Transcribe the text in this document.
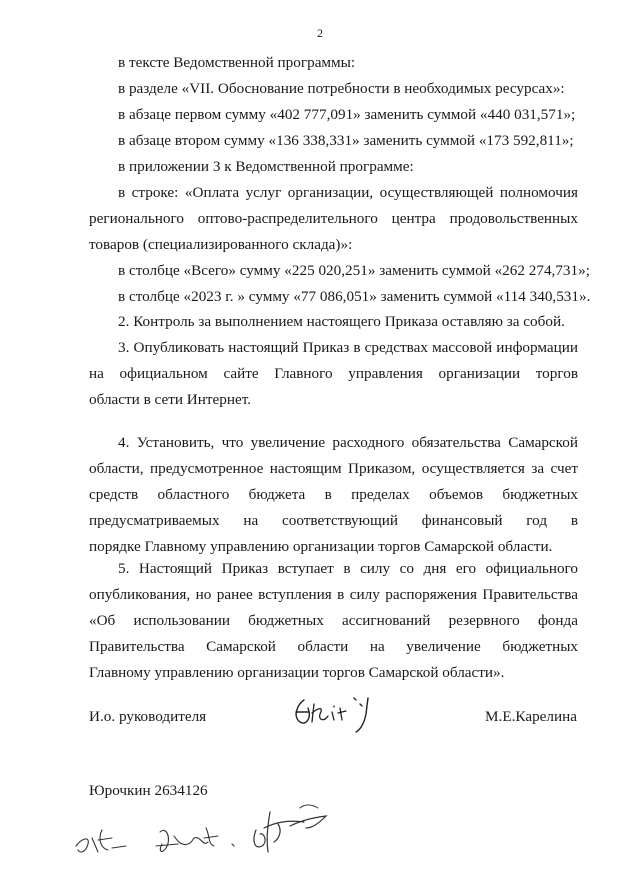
2
в тексте Ведомственной программы:
в разделе «VII. Обоснование потребности в необходимых ресурсах»:
в абзаце первом сумму «402 777,091» заменить суммой «440 031,571»;
в абзаце втором сумму «136 338,331» заменить суммой «173 592,811»;
в приложении 3 к Ведомственной программе:
в строке: «Оплата услуг организации, осуществляющей полномочия
регионального оптово-распределительного центра продовольственных
товаров (специализированного склада)»:
в столбце «Всего» сумму «225 020,251» заменить суммой «262 274,731»;
в столбце «2023 г. » сумму «77 086,051» заменить суммой «114 340,531».
2. Контроль за выполнением настоящего Приказа оставляю за собой.
3. Опубликовать настоящий Приказ в средствах массовой информации
на официальном сайте Главного управления организации торгов
области в сети Интернет.
4. Установить, что увеличение расходного обязательства Самарской
области, предусмотренное настоящим Приказом, осуществляется за счет
средств областного бюджета в пределах объемов бюджетных
предусматриваемых на соответствующий финансовый год в
порядке Главному управлению организации торгов Самарской области.
5. Настоящий Приказ вступает в силу со дня его официального
опубликования, но ранее вступления в силу распоряжения Правительства
«Об использовании бюджетных ассигнований резервного фонда
Правительства Самарской области на увеличение бюджетных
Главному управлению организации торгов Самарской области».
И.о. руководителя	М.Е.Карелина
Юрочкин 2634126
